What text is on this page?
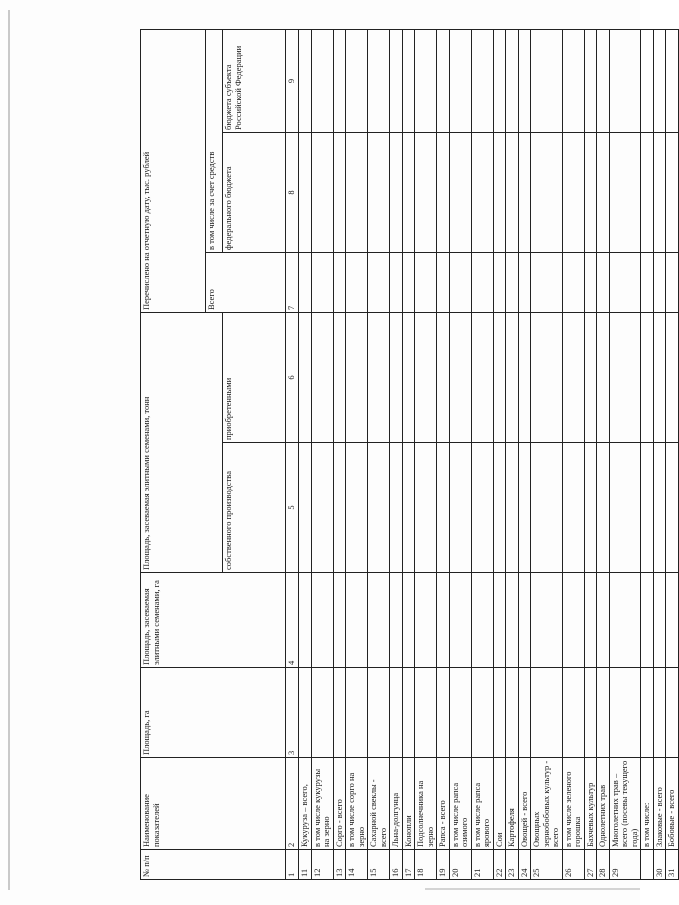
№ п/п	Наименование показателей	Площадь, га	Площадь, засеваемая элитными семенами, га	Площадь, засеваемая элитными семенами, тонн		Перечислено на отчетную дату, тыс. рублей		
						Всего	в том числе за счет средств	
				собственного производства	приобретенными		федерального бюджета	бюджета субъекта Российской Федерации
1	2	3	4	5	6	7	8	9
11	Кукуруза – всего,							
12	в том числе кукурузы на зерно							
13	Сорго - всего							
14	в том числе сорго на зерно							
15	Сахарной свеклы - всего							
16	Льна-долгунца							
17	Конопли							
18	Подсолнечника на зерно							
19	Рапса - всего							
20	в том числе рапса озимого							
21	в том числе рапса ярового							
22	Сои							
23	Картофеля							
24	Овощей - всего							
25	Овощных зернобобовых культур - всего							
26	в том числе зеленого горошка							
27	Бахчевых культур							
28	Однолетних трав							
29	Многолетних трав – всего (посевы текущего года)							
	в том числе:							
30	Злаковые - всего							
31	Бобовые - всего							
